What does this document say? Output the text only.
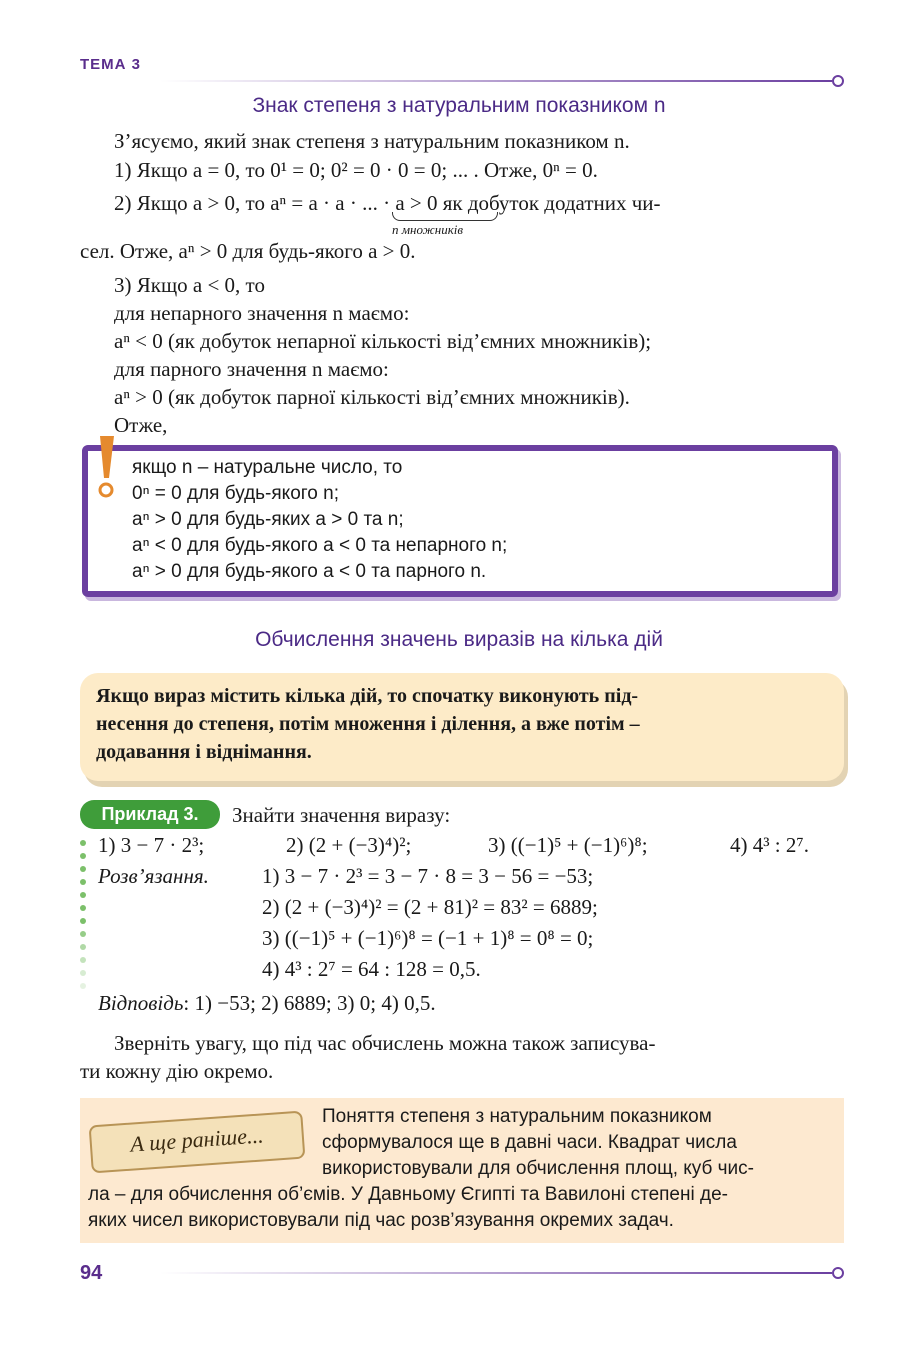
ТЕМА 3
Знак степеня з натуральним показником n
З’ясуємо, який знак степеня з натуральним показником n.
1) Якщо a = 0, то 0¹ = 0; 0² = 0 · 0 = 0; ... . Отже, 0ⁿ = 0.
2) Якщо a > 0, то aⁿ = a · a · ... · a > 0 як добуток додатних чи-
n множників
сел. Отже, aⁿ > 0 для будь-якого a > 0.
3) Якщо a < 0, то
для непарного значення n маємо:
aⁿ < 0 (як добуток непарної кількості від’ємних множників);
для парного значення n маємо:
aⁿ > 0 (як добуток парної кількості від’ємних множників).
Отже,
якщо n – натуральне число, то
0ⁿ = 0 для будь-якого n;
aⁿ > 0 для будь-яких a > 0 та n;
aⁿ < 0 для будь-якого a < 0 та непарного n;
aⁿ > 0 для будь-якого a < 0 та парного n.
Обчислення значень виразів на кілька дій
Якщо вираз містить кілька дій, то спочатку виконують під-
несення до степеня, потім множення і ділення, а вже потім –
додавання і віднімання.
Приклад 3.	Знайти значення виразу:
1) 3 − 7 · 2³;	2) (2 + (−3)⁴)²;	3) ((−1)⁵ + (−1)⁶)⁸;	4) 4³ : 2⁷.
Розв’язання.	1) 3 − 7 · 2³ = 3 − 7 · 8 = 3 − 56 = −53;
2) (2 + (−3)⁴)² = (2 + 81)² = 83² = 6889;
3) ((−1)⁵ + (−1)⁶)⁸ = (−1 + 1)⁸ = 0⁸ = 0;
4) 4³ : 2⁷ = 64 : 128 = 0,5.
Відповідь: 1) −53; 2) 6889; 3) 0; 4) 0,5.
Зверніть увагу, що під час обчислень можна також записува-
ти кожну дію окремо.
Поняття степеня з натуральним показником
сформувалося ще в давні часи. Квадрат числа
використовували для обчислення площ, куб чис-
ла – для обчислення об’ємів. У Давньому Єгипті та Вавилоні степені де-
яких чисел використовували під час розв’язування окремих задач.
А ще раніше...
94
